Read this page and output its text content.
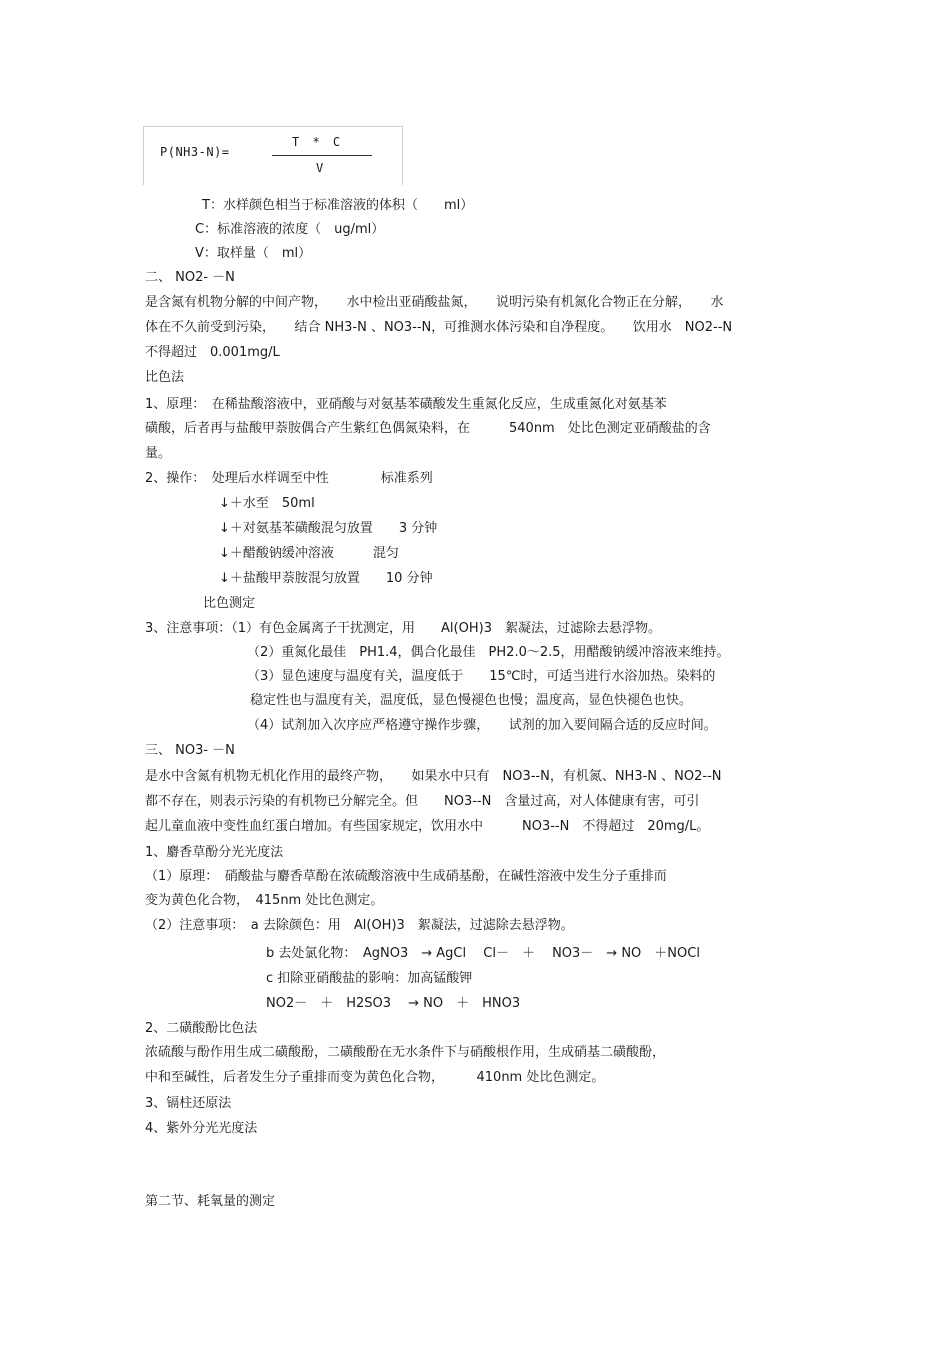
P(NH3-N)=
T * C
V
T：水样颜色相当于标准溶液的体积（　　ml）
C：标准溶液的浓度（　ug/ml）
V：取样量（　ml）
二、 NO2- －N
是含氮有机物分解的中间产物，　　水中检出亚硝酸盐氮，　　说明污染有机氮化合物正在分解，　　水
体在不久前受到污染，　　结合 NH3-N 、NO3--N，可推测水体污染和自净程度。　　饮用水　NO2--N
不得超过　0.001mg/L
比色法
1、原理：　在稀盐酸溶液中，亚硝酸与对氨基苯磺酸发生重氮化反应，生成重氮化对氨基苯
磺酸，后者再与盐酸甲萘胺偶合产生紫红色偶氮染料，在　　　540nm　处比色测定亚硝酸盐的含
量。
2、操作：　处理后水样调至中性　　　　标准系列
↓＋水至　50ml
↓＋对氨基苯磺酸混匀放置　　3 分钟
↓＋醋酸钠缓冲溶液　　　混匀
↓＋盐酸甲萘胺混匀放置　　10 分钟
比色测定
3、注意事项：（1）有色金属离子干扰测定，用　　Al(OH)3　絮凝法，过滤除去悬浮物。
（2）重氮化最佳　PH1.4，偶合化最佳　PH2.0～2.5，用醋酸钠缓冲溶液来维持。
（3）显色速度与温度有关，温度低于　　15℃时，可适当进行水浴加热。染料的
稳定性也与温度有关，温度低，显色慢褪色也慢；温度高，显色快褪色也快。
（4）试剂加入次序应严格遵守操作步骤，　　试剂的加入要间隔合适的反应时间。
三、 NO3- －N
是水中含氮有机物无机化作用的最终产物，　　如果水中只有　NO3--N，有机氮、NH3-N 、NO2--N
都不存在，则表示污染的有机物已分解完全。但　　NO3--N　含量过高，对人体健康有害，可引
起儿童血液中变性血红蛋白增加。有些国家规定，饮用水中　　　NO3--N　不得超过　20mg/L。
1、麝香草酚分光光度法
（1）原理：　硝酸盐与麝香草酚在浓硫酸溶液中生成硝基酚，在碱性溶液中发生分子重排而
变为黄色化合物，　415nm 处比色测定。
（2）注意事项：　a 去除颜色：用　Al(OH)3　絮凝法，过滤除去悬浮物。
b 去处氯化物：　AgNO3　→ AgCl　 Cl－　＋　 NO3－　→ NO　＋NOCl
c 扣除亚硝酸盐的影响：加高锰酸钾
NO2－　＋　H2SO3　 → NO　＋　HNO3
2、二磺酸酚比色法
浓硫酸与酚作用生成二磺酸酚，二磺酸酚在无水条件下与硝酸根作用，生成硝基二磺酸酚，
中和至碱性，后者发生分子重排而变为黄色化合物，　　　410nm 处比色测定。
3、镉柱还原法
4、紫外分光光度法
第二节、耗氧量的测定
